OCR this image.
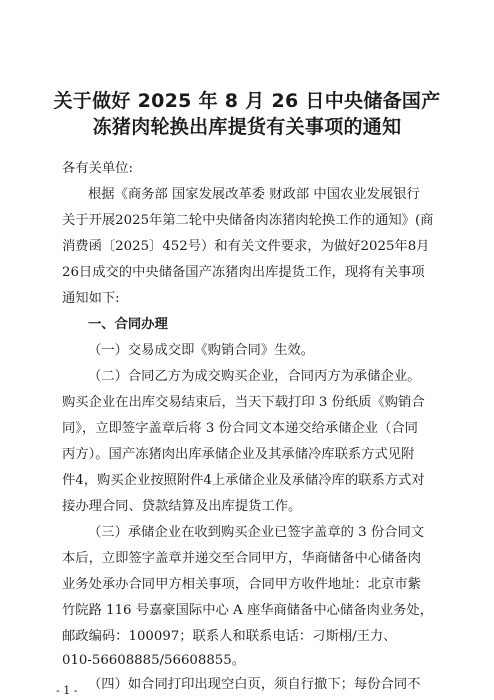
关于做好 2025 年 8 月 26 日中央储备国产
冻猪肉轮换出库提货有关事项的通知
各有关单位:
根据《商务部 国家发展改革委 财政部 中国农业发展银行
关于开展2025年第二轮中央储备肉冻猪肉轮换工作的通知》(商
消费函〔2025〕452号）和有关文件要求，为做好2025年8月
26日成交的中央储备国产冻猪肉出库提货工作，现将有关事项
通知如下:
一、合同办理
（一）交易成交即《购销合同》生效。
（二）合同乙方为成交购买企业，合同丙方为承储企业。
购买企业在出库交易结束后，当天下载打印 3 份纸质《购销合
同》，立即签字盖章后将 3 份合同文本递交给承储企业（合同
丙方）。国产冻猪肉出库承储企业及其承储冷库联系方式见附
件4，购买企业按照附件4上承储企业及承储冷库的联系方式对
接办理合同、贷款结算及出库提货工作。
（三）承储企业在收到购买企业已签字盖章的 3 份合同文
本后，立即签字盖章并递交至合同甲方，华商储备中心储备肉
业务处承办合同甲方相关事项，合同甲方收件地址：北京市紫
竹院路 116 号嘉豪国际中心 A 座华商储备中心储备肉业务处，
邮政编码：100097；联系人和联系电话：刁斯栩/王力、
010-56608885/56608855。
（四）如合同打印出现空白页，须自行撤下；每份合同不
- 1 -
